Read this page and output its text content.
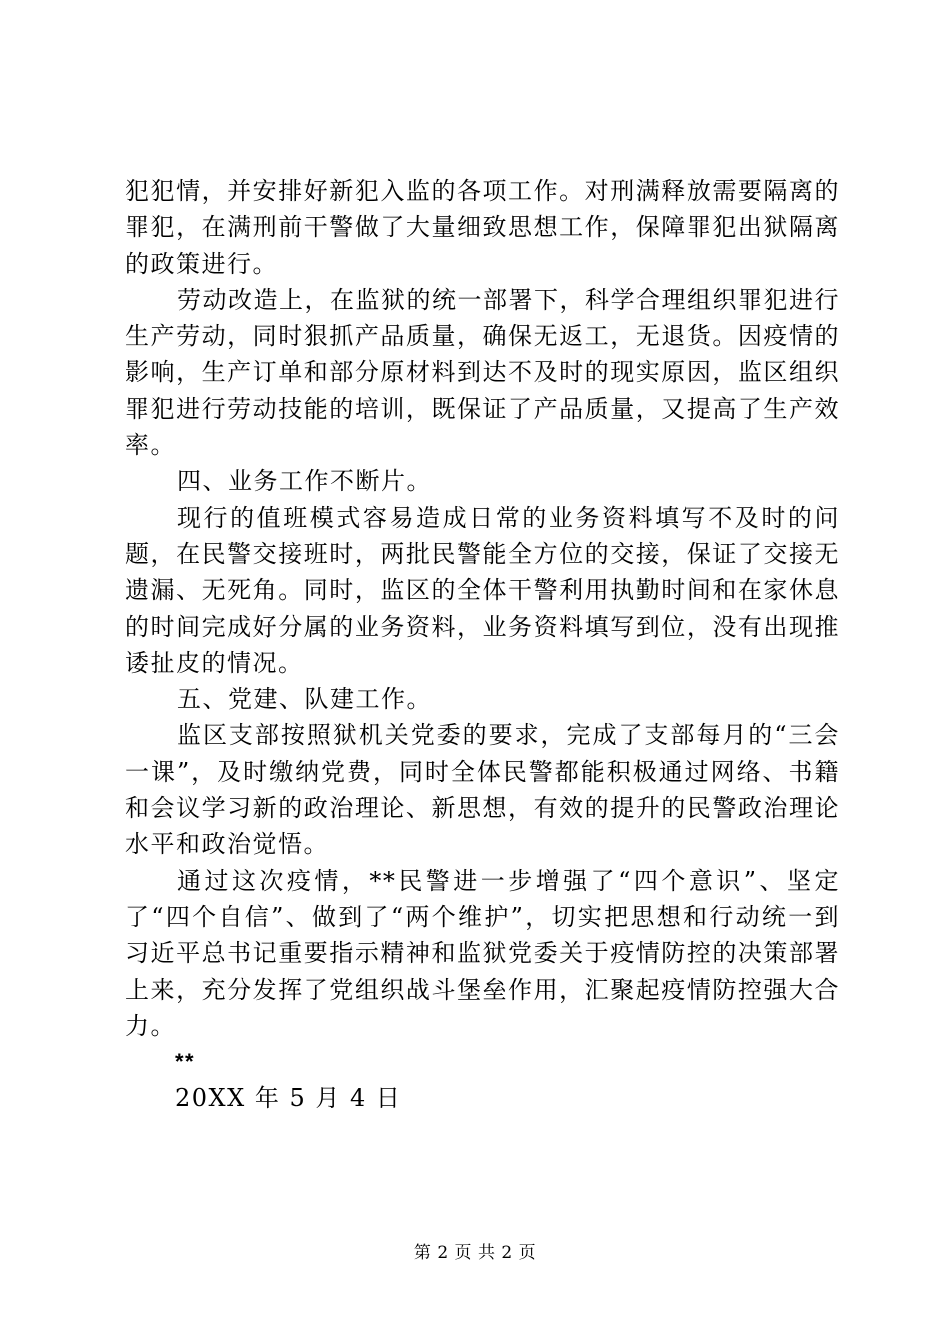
犯犯情，并安排好新犯入监的各项工作。对刑满释放需要隔离的罪犯，在满刑前干警做了大量细致思想工作，保障罪犯出狱隔离的政策进行。

劳动改造上，在监狱的统一部署下，科学合理组织罪犯进行生产劳动，同时狠抓产品质量，确保无返工，无退货。因疫情的影响，生产订单和部分原材料到达不及时的现实原因，监区组织罪犯进行劳动技能的培训，既保证了产品质量，又提高了生产效率。

四、业务工作不断片。

现行的值班模式容易造成日常的业务资料填写不及时的问题，在民警交接班时，两批民警能全方位的交接，保证了交接无遗漏、无死角。同时，监区的全体干警利用执勤时间和在家休息的时间完成好分属的业务资料，业务资料填写到位，没有出现推诿扯皮的情况。

五、党建、队建工作。

监区支部按照狱机关党委的要求，完成了支部每月的“三会一课”，及时缴纳党费，同时全体民警都能积极通过网络、书籍和会议学习新的政治理论、新思想，有效的提升的民警政治理论水平和政治觉悟。

通过这次疫情，**民警进一步增强了“四个意识”、坚定了“四个自信”、做到了“两个维护”，切实把思想和行动统一到习近平总书记重要指示精神和监狱党委关于疫情防控的决策部署上来，充分发挥了党组织战斗堡垒作用，汇聚起疫情防控强大合力。

**

20XX 年 5 月 4 日

第 2 页 共 2 页
